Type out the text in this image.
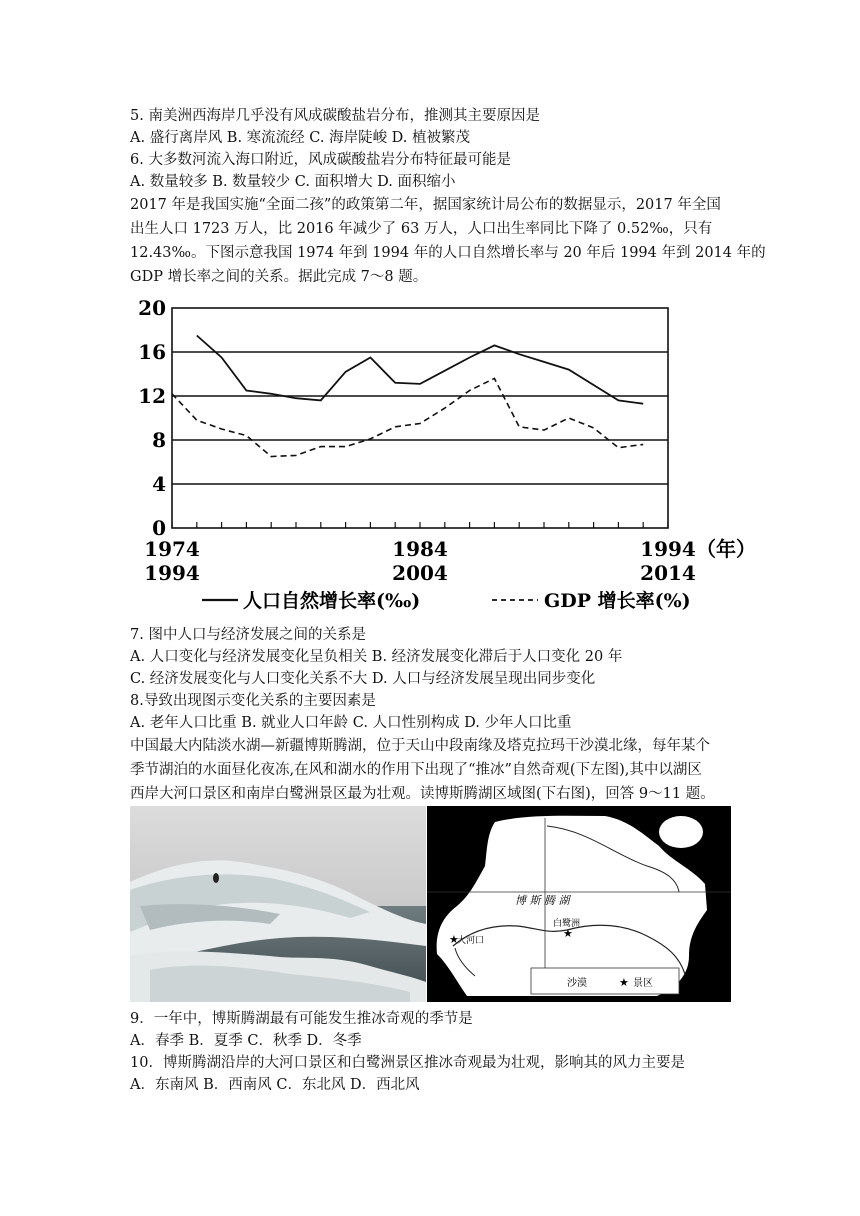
5. 南美洲西海岸几乎没有风成碳酸盐岩分布，推测其主要原因是
A. 盛行离岸风 B. 寒流流经 C. 海岸陡峻 D. 植被繁茂
6. 大多数河流入海口附近，风成碳酸盐岩分布特征最可能是
A. 数量较多 B. 数量较少 C. 面积增大 D. 面积缩小
2017 年是我国实施“全面二孩”的政策第二年，据国家统计局公布的数据显示，2017 年全国
出生人口 1723 万人，比 2016 年减少了 63 万人，人口出生率同比下降了 0.52‰，只有
12.43‰。下图示意我国 1974 年到 1994 年的人口自然增长率与 20 年后 1994 年到 2014 年的
GDP 增长率之间的关系。据此完成 7～8 题。
20
16
12
8
4
0
1974	1984	1994
1994	2004	2014
（年）
人口自然增长率(‰)	GDP 增长率(%)
7. 图中人口与经济发展之间的关系是
A. 人口变化与经济发展变化呈负相关 B. 经济发展变化滞后于人口变化 20 年
C. 经济发展变化与人口变化关系不大 D. 人口与经济发展呈现出同步变化
8.导致出现图示变化关系的主要因素是
A. 老年人口比重 B. 就业人口年龄 C. 人口性别构成 D. 少年人口比重
中国最大内陆淡水湖—新疆博斯腾湖，位于天山中段南缘及塔克拉玛干沙漠北缘，每年某个
季节湖泊的水面昼化夜冻,在风和湖水的作用下出现了“推冰”自然奇观(下左图),其中以湖区
西岸大河口景区和南岸白鹭洲景区最为壮观。读博斯腾湖区域图(下右图)，回答 9～11 题。
博 斯 腾 湖
白鹭洲
★
大河口
★
沙漠	★ 景区
9．一年中，博斯腾湖最有可能发生推冰奇观的季节是
A．春季 B．夏季 C．秋季 D．冬季
10．博斯腾湖沿岸的大河口景区和白鹭洲景区推冰奇观最为壮观，影响其的风力主要是
A．东南风 B．西南风 C．东北风 D．西北风
